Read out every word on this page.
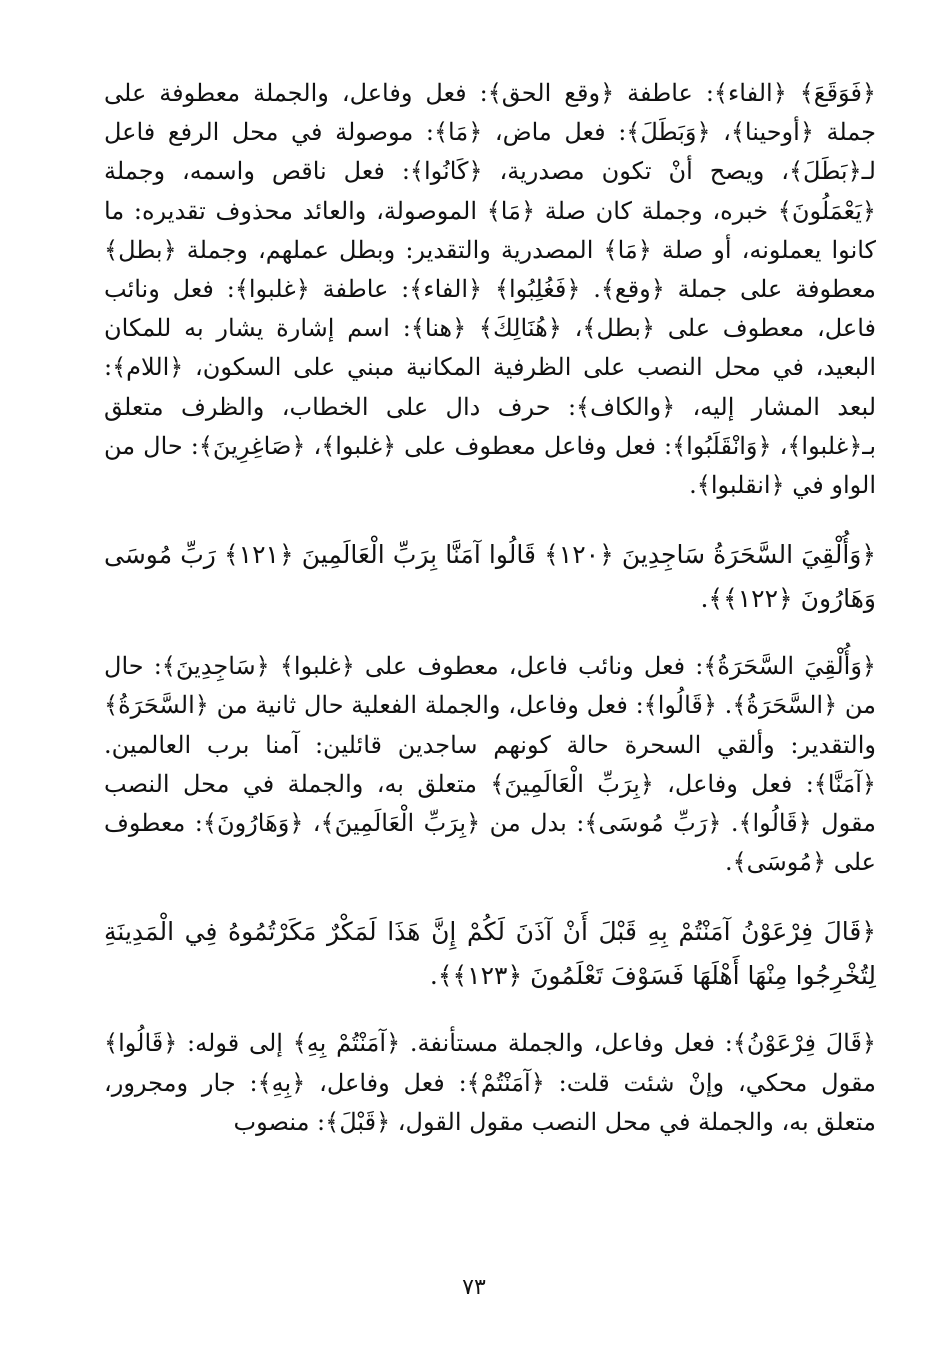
﴿فَوَقَعَ﴾ ﴿الفاء﴾: عاطفة ﴿وقع الحق﴾: فعل وفاعل، والجملة معطوفة على جملة ﴿أوحينا﴾، ﴿وَبَطَلَ﴾: فعل ماض، ﴿مَا﴾: موصولة في محل الرفع فاعل لـ﴿بَطَلَ﴾، ويصح أنْ تكون مصدرية، ﴿كَانُوا﴾: فعل ناقص واسمه، وجملة ﴿يَعْمَلُونَ﴾ خبره، وجملة كان صلة ﴿مَا﴾ الموصولة، والعائد محذوف تقديره: ما كانوا يعملونه، أو صلة ﴿مَا﴾ المصدرية والتقدير: وبطل عملهم، وجملة ﴿بطل﴾ معطوفة على جملة ﴿وقع﴾. ﴿فَغُلِبُوا﴾ ﴿الفاء﴾: عاطفة ﴿غلبوا﴾: فعل ونائب فاعل، معطوف على ﴿بطل﴾، ﴿هُنَالِكَ﴾ ﴿هنا﴾: اسم إشارة يشار به للمكان البعيد، في محل النصب على الظرفية المكانية مبني على السكون، ﴿اللام﴾: لبعد المشار إليه، ﴿والكاف﴾: حرف دال على الخطاب، والظرف متعلق بـ﴿غلبوا﴾، ﴿وَانْقَلَبُوا﴾: فعل وفاعل معطوف على ﴿غلبوا﴾، ﴿صَاغِرِينَ﴾: حال من الواو في ﴿انقلبوا﴾.

﴿وَأُلْقِيَ السَّحَرَةُ سَاجِدِينَ ﴿١٢٠﴾ قَالُوا آمَنَّا بِرَبِّ الْعَالَمِينَ ﴿١٢١﴾ رَبِّ مُوسَى وَهَارُونَ ﴿١٢٢﴾﴾.

﴿وَأُلْقِيَ السَّحَرَةُ﴾: فعل ونائب فاعل، معطوف على ﴿غلبوا﴾ ﴿سَاجِدِينَ﴾: حال من ﴿السَّحَرَةُ﴾. ﴿قَالُوا﴾: فعل وفاعل، والجملة الفعلية حال ثانية من ﴿السَّحَرَةُ﴾ والتقدير: وألقي السحرة حالة كونهم ساجدين قائلين: آمنا برب العالمين. ﴿آمَنَّا﴾: فعل وفاعل، ﴿بِرَبِّ الْعَالَمِينَ﴾ متعلق به، والجملة في محل النصب مقول ﴿قَالُوا﴾. ﴿رَبِّ مُوسَى﴾: بدل من ﴿بِرَبِّ الْعَالَمِينَ﴾، ﴿وَهَارُونَ﴾: معطوف على ﴿مُوسَى﴾.

﴿قَالَ فِرْعَوْنُ آمَنْتُمْ بِهِ قَبْلَ أَنْ آذَنَ لَكُمْ إِنَّ هَذَا لَمَكْرٌ مَكَرْتُمُوهُ فِي الْمَدِينَةِ لِتُخْرِجُوا مِنْهَا أَهْلَهَا فَسَوْفَ تَعْلَمُونَ ﴿١٢٣﴾﴾.

﴿قَالَ فِرْعَوْنُ﴾: فعل وفاعل، والجملة مستأنفة. ﴿آمَنْتُمْ بِهِ﴾ إلى قوله: ﴿قَالُوا﴾ مقول محكي، وإنْ شئت قلت: ﴿آمَنْتُمْ﴾: فعل وفاعل، ﴿بِهِ﴾: جار ومجرور، متعلق به، والجملة في محل النصب مقول القول، ﴿قَبْلَ﴾: منصوب

٧٣
